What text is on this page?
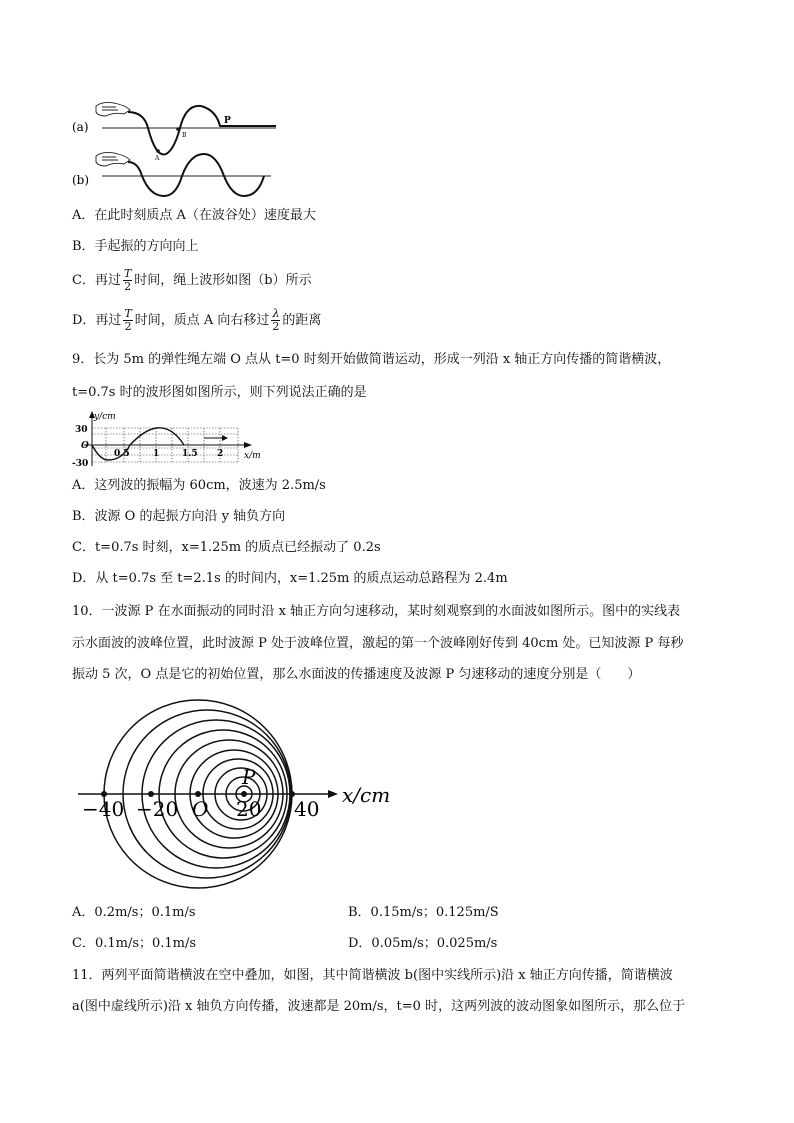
(a)
A
B
P
(b)
A．在此时刻质点 A（在波谷处）速度最大
B．手起振的方向向上
C．再过 $\frac{T}{2}$ 时间，绳上波形如图（b）所示
D．再过 $\frac{T}{2}$ 时间，质点 A 向右移过 $\frac{\lambda}{2}$ 的距离
9．长为 5m 的弹性绳左端 O 点从 t=0 时刻开始做简谐运动，形成一列沿 x 轴正方向传播的简谐横波，
t=0.7s 时的波形图如图所示，则下列说法正确的是
y/cm
x/m
30
O
-30
0.5	1	1.5 2
A．这列波的振幅为 60cm，波速为 2.5m/s
B．波源 O 的起振方向沿 y 轴负方向
C．t=0.7s 时刻，x=1.25m 的质点已经振动了 0.2s
D．从 t=0.7s 至 t=2.1s 的时间内，x=1.25m 的质点运动总路程为 2.4m
10．一波源 P 在水面振动的同时沿 x 轴正方向匀速移动，某时刻观察到的水面波如图所示。图中的实线表
示水面波的波峰位置，此时波源 P 处于波峰位置，激起的第一个波峰刚好传到 40cm 处。已知波源 P 每秒
振动 5 次，O 点是它的初始位置，那么水面波的传播速度及波源 P 匀速移动的速度分别是（　　）
x/cm
−40 −20 O 20 40
P
A．0.2m/s；0.1m/s	B．0.15m/s；0.125m/S
C．0.1m/s；0.1m/s	D．0.05m/s；0.025m/s
11．两列平面简谐横波在空中叠加，如图，其中简谐横波 b(图中实线所示)沿 x 轴正方向传播，简谐横波
a(图中虚线所示)沿 x 轴负方向传播，波速都是 20m/s，t=0 时，这两列波的波动图象如图所示，那么位于
